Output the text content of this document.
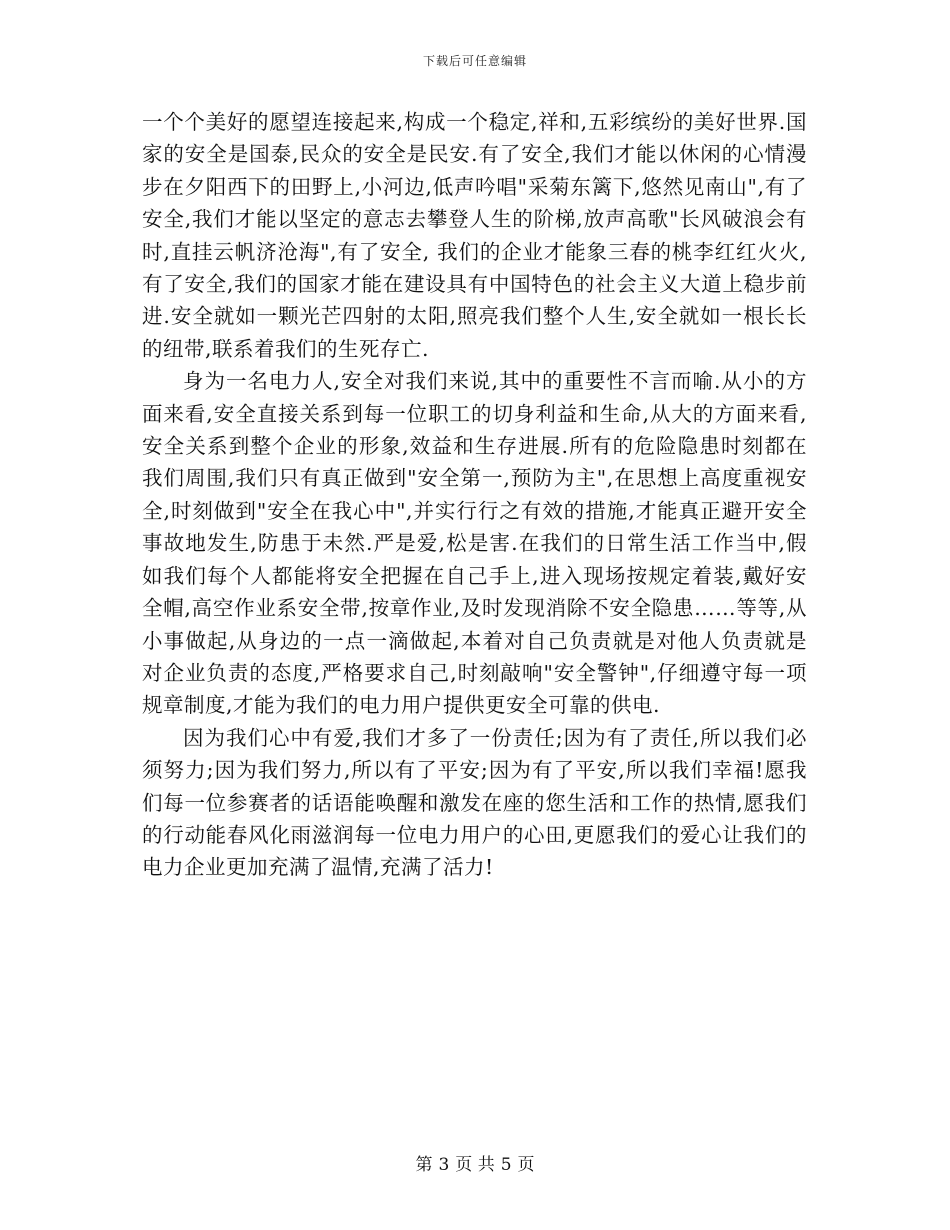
下载后可任意编辑

一个个美好的愿望连接起来,构成一个稳定,祥和,五彩缤纷的美好世界.国家的安全是国泰,民众的安全是民安.有了安全,我们才能以休闲的心情漫步在夕阳西下的田野上,小河边,低声吟唱"采菊东篱下,悠然见南山",有了安全,我们才能以坚定的意志去攀登人生的阶梯,放声高歌"长风破浪会有时,直挂云帆济沧海",有了安全, 我们的企业才能象三春的桃李红红火火,有了安全,我们的国家才能在建设具有中国特色的社会主义大道上稳步前进.安全就如一颗光芒四射的太阳,照亮我们整个人生,安全就如一根长长的纽带,联系着我们的生死存亡.

身为一名电力人,安全对我们来说,其中的重要性不言而喻.从小的方面来看,安全直接关系到每一位职工的切身利益和生命,从大的方面来看,安全关系到整个企业的形象,效益和生存进展.所有的危险隐患时刻都在我们周围,我们只有真正做到"安全第一,预防为主",在思想上高度重视安全,时刻做到"安全在我心中",并实行行之有效的措施,才能真正避开安全事故地发生,防患于未然.严是爱,松是害.在我们的日常生活工作当中,假如我们每个人都能将安全把握在自己手上,进入现场按规定着装,戴好安全帽,高空作业系安全带,按章作业,及时发现消除不安全隐患……等等,从小事做起,从身边的一点一滴做起,本着对自己负责就是对他人负责就是对企业负责的态度,严格要求自己,时刻敲响"安全警钟",仔细遵守每一项规章制度,才能为我们的电力用户提供更安全可靠的供电.

因为我们心中有爱,我们才多了一份责任;因为有了责任,所以我们必须努力;因为我们努力,所以有了平安;因为有了平安,所以我们幸福!愿我们每一位参赛者的话语能唤醒和激发在座的您生活和工作的热情,愿我们的行动能春风化雨滋润每一位电力用户的心田,更愿我们的爱心让我们的电力企业更加充满了温情,充满了活力!

第 3 页 共 5 页
